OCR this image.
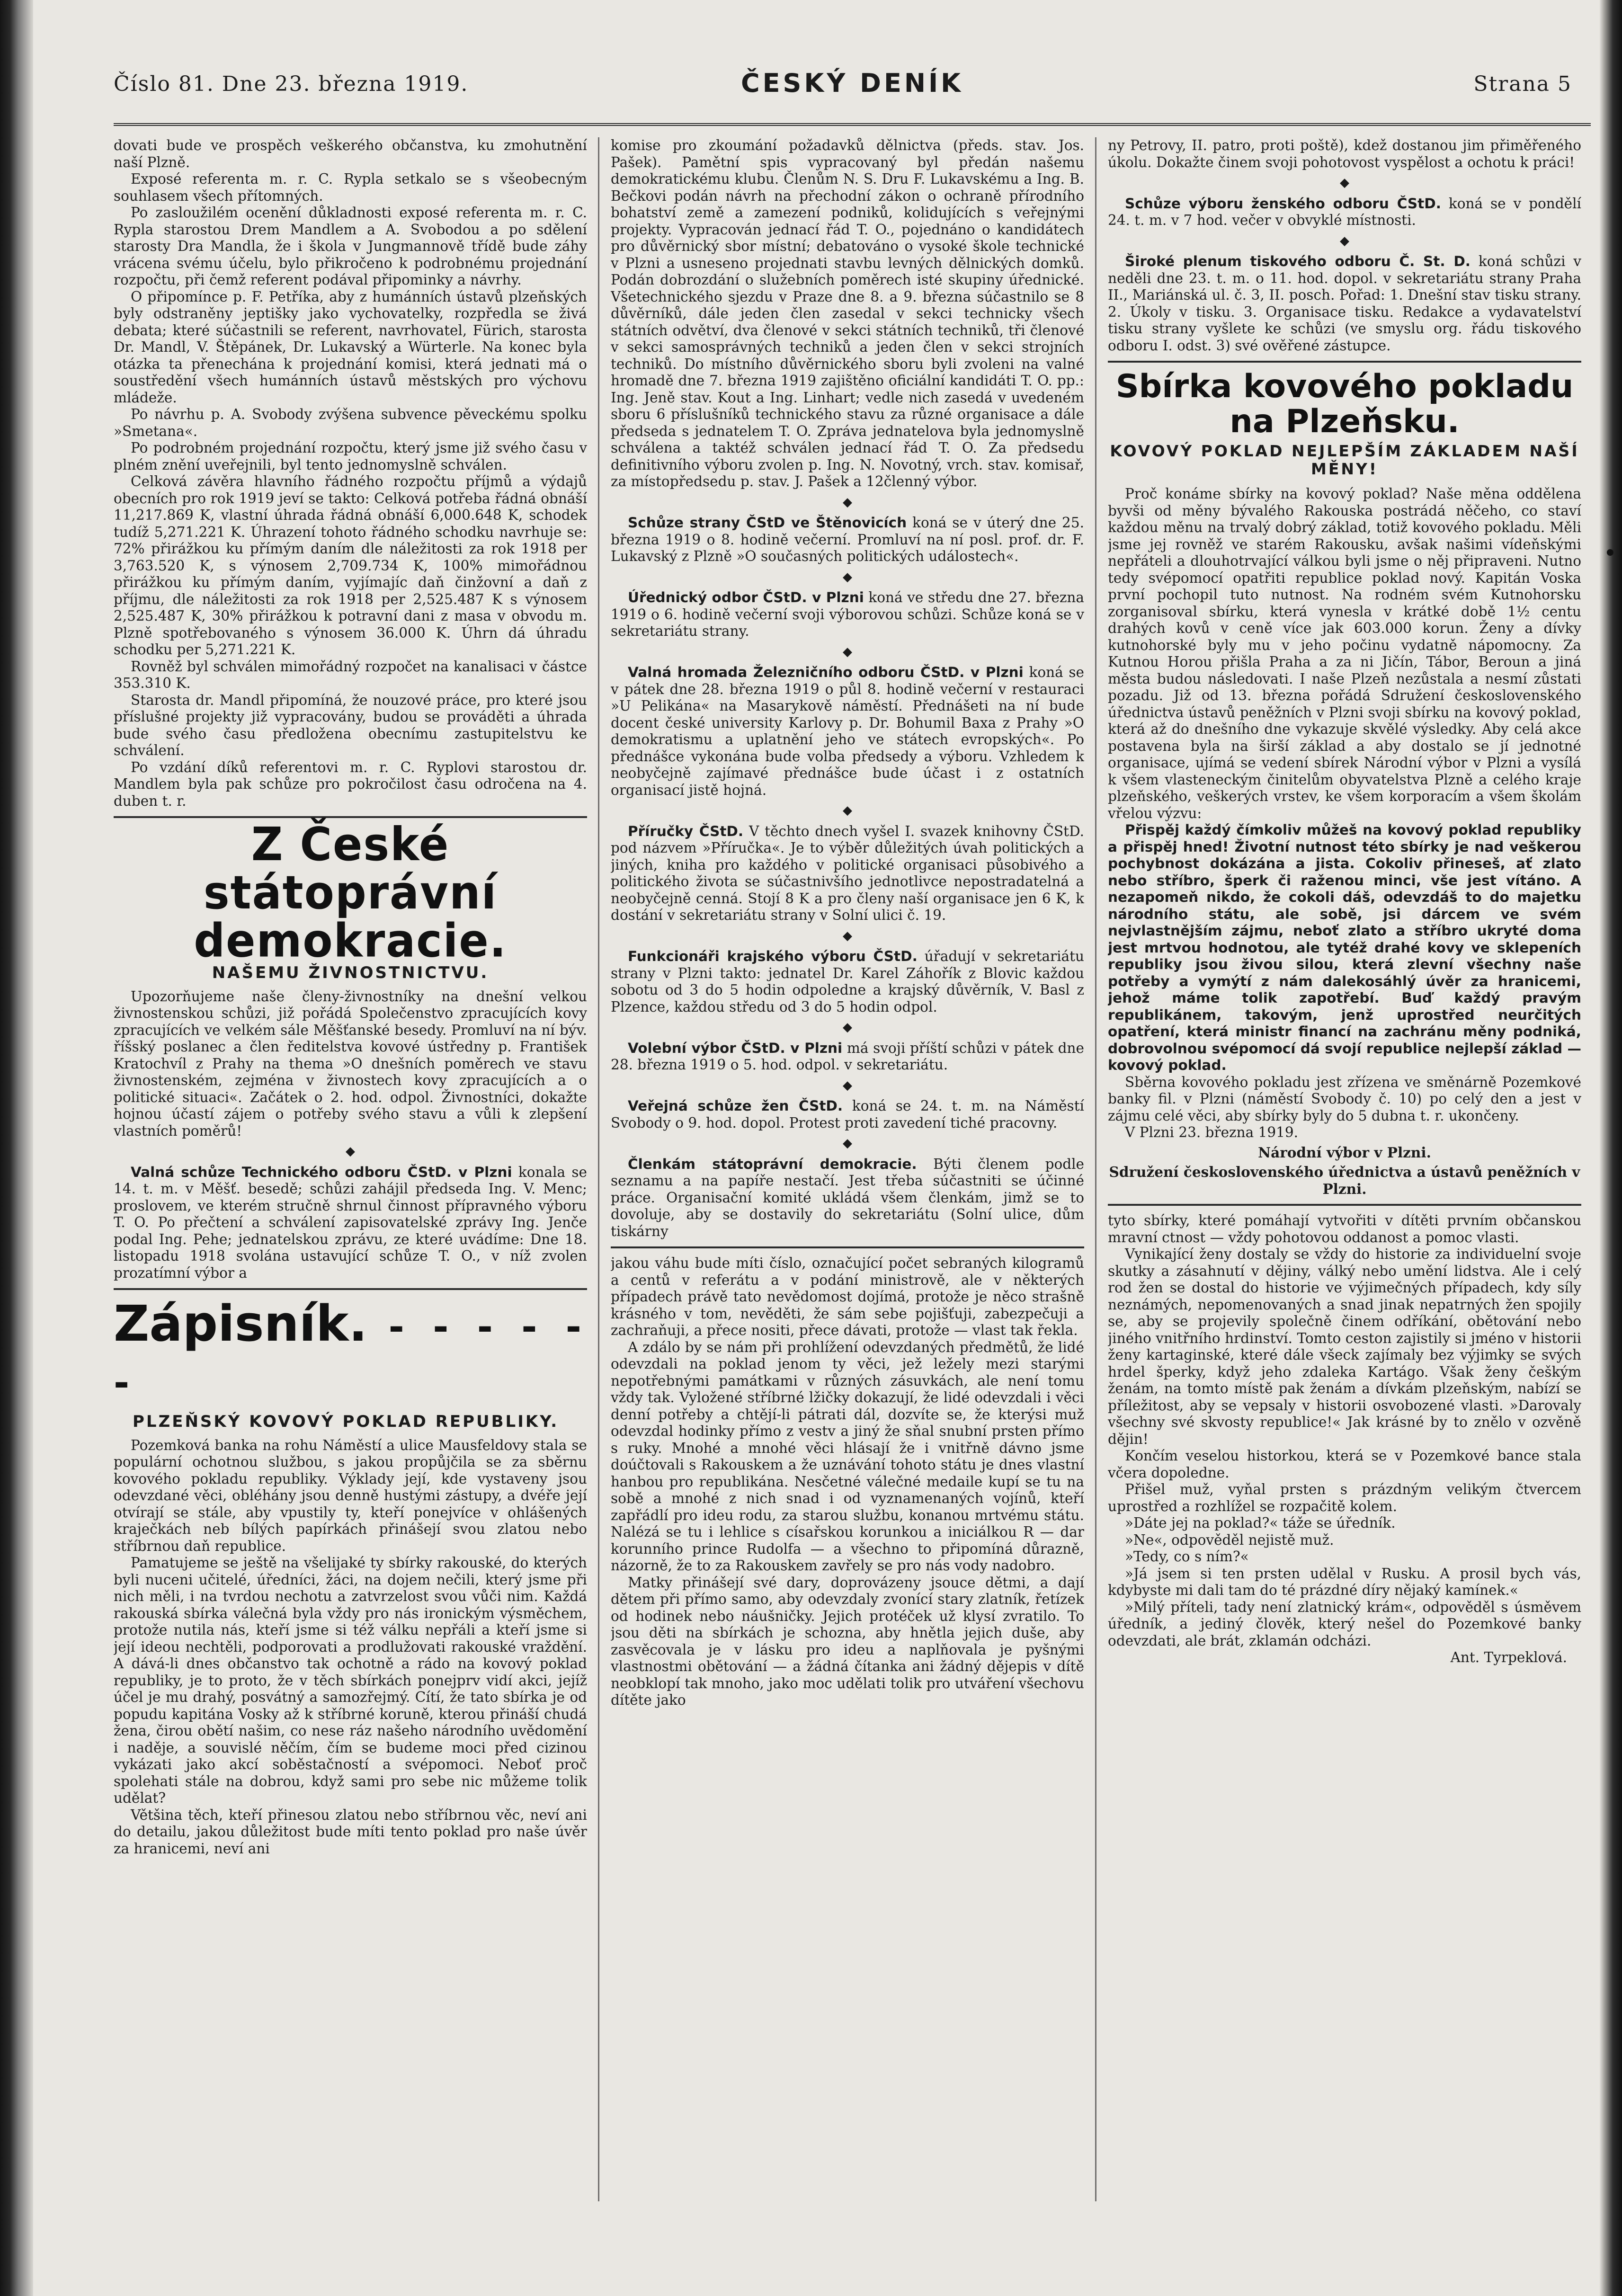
Číslo 81. Dne 23. března 1919.	ČESKÝ DENÍK	Strana 5

dovati bude ve prospěch veškerého občanstva, ku zmohutnění naší Plzně.

Exposé referenta m. r. C. Rypla setkalo se s všeobecným souhlasem všech přítomných.

Po zasloužilém ocenění důkladnosti exposé referenta m. r. C. Rypla starostou Drem Mandlem a A. Svobodou a po sdělení starosty Dra Mandla, že i škola v Jungmannově třídě bude záhy vrácena svému účelu, bylo přikročeno k podrobnému projednání rozpočtu, při čemž referent podával připominky a návrhy.

O připomínce p. F. Petříka, aby z humánních ústavů plzeňských byly odstraněny jeptišky jako vychovatelky, rozpředla se živá debata; které súčastnili se referent, navrhovatel, Fürich, starosta Dr. Mandl, V. Štěpánek, Dr. Lukavský a Würterle. Na konec byla otázka ta přenechána k projednání komisi, která jednati má o soustředění všech humánních ústavů městských pro výchovu mládeže.

Po návrhu p. A. Svobody zvýšena subvence pěveckému spolku »Smetana«.

Po podrobném projednání rozpočtu, který jsme již svého času v plném znění uveřejnili, byl tento jednomyslně schválen.

Celková závěra hlavního řádného rozpočtu příjmů a výdajů obecních pro rok 1919 jeví se takto: Celková potřeba řádná obnáší 11,217.869 K, vlastní úhrada řádná obnáší 6,000.648 K, schodek tudíž 5,271.221 K. Úhrazení tohoto řádného schodku navrhuje se: 72% přirážkou ku přímým daním dle náležitosti za rok 1918 per 3,763.520 K, s výnosem 2,709.734 K, 100% mimořádnou přirážkou ku přímým daním, vyjímajíc daň činžovní a daň z příjmu, dle náležitosti za rok 1918 per 2,525.487 K s výnosem 2,525.487 K, 30% přirážkou k potravní dani z masa v obvodu m. Plzně spotřebovaného s výnosem 36.000 K. Úhrn dá úhradu schodku per 5,271.221 K.

Rovněž byl schválen mimořádný rozpočet na kanalisaci v částce 353.310 K.

Starosta dr. Mandl připomíná, že nouzové práce, pro které jsou příslušné projekty již vypracovány, budou se prováděti a úhrada bude svého času předložena obecnímu zastupitelstvu ke schválení.

Po vzdání díků referentovi m. r. C. Ryplovi starostou dr. Mandlem byla pak schůze pro pokročilost času odročena na 4. duben t. r.

Z České státoprávní demokracie.
NAŠEMU ŽIVNOSTNICTVU.

Upozorňujeme naše členy-živnostníky na dnešní velkou živnostenskou schůzi, již pořádá Společenstvo zpracujících kovy zpracujících ve velkém sále Měšťanské besedy. Promluví na ní býv. říšský poslanec a člen ředitelstva kovové ústředny p. František Kratochvíl z Prahy na thema »O dnešních poměrech ve stavu živnostenském, zejména v živnostech kovy zpracujících a o politické situaci«. Začátek o 2. hod. odpol. Živnostníci, dokažte hojnou účastí zájem o potřeby svého stavu a vůli k zlepšení vlastních poměrů!

◆

Valná schůze Technického odboru ČStD. v Plzni konala se 14. t. m. v Měšť. besedě; schůzi zahájil předseda Ing. V. Menc; proslovem, ve kterém stručně shrnul činnost přípravného výboru T. O. Po přečtení a schválení zapisovatelské zprávy Ing. Jenče podal Ing. Pehe; jednatelskou zprávu, ze které uvádíme: Dne 18. listopadu 1918 svolána ustavující schůze T. O., v níž zvolen prozatímní výbor a

Zápisník. - - - - - -
PLZEŇSKÝ KOVOVÝ POKLAD REPUBLIKY.

Pozemková banka na rohu Náměstí a ulice Mausfeldovy stala se populární ochotnou službou, s jakou propůjčila se za sběrnu kovového pokladu republiky. Výklady její, kde vystaveny jsou odevzdané věci, obléhány jsou denně hustými zástupy, a dvéře její otvírají se stále, aby vpustily ty, kteří ponejvíce v ohlášených kraječkách neb bílých papírkách přinášejí svou zlatou nebo stříbrnou daň republice.

Pamatujeme se ještě na všelijaké ty sbírky rakouské, do kterých byli nuceni učitelé, úředníci, žáci, na dojem nečili, který jsme při nich měli, i na tvrdou nechotu a zatvrzelost svou vůči nim. Každá rakouská sbírka válečná byla vždy pro nás ironickým výsměchem, protože nutila nás, kteří jsme si též válku nepřáli a kteří jsme si její ideou nechtěli, podporovati a prodlužovati rakouské vraždění. A dává-li dnes občanstvo tak ochotně a rádo na kovový poklad republiky, je to proto, že v těch sbírkách ponejprv vidí akci, jejíž účel je mu drahý, posvátný a samozřejmý. Cítí, že tato sbírka je od popudu kapitána Vosky až k stříbrné koruně, kterou přináší chudá žena, čirou obětí našim, co nese ráz našeho národního uvědomění i naděje, a souvislé něčím, čím se budeme moci před cizinou vykázati jako akcí soběstačností a svépomoci. Neboť proč spolehati stále na dobrou, když sami pro sebe nic můžeme tolik udělat?

Většina těch, kteří přinesou zlatou nebo stříbrnou věc, neví ani do detailu, jakou důležitost bude míti tento poklad pro naše úvěr za hranicemi, neví ani

komise pro zkoumání požadavků dělnictva (předs. stav. Jos. Pašek). Pamětní spis vypracovaný byl předán našemu demokratickému klubu. Členům N. S. Dru F. Lukavskému a Ing. B. Bečkovi podán návrh na přechodní zákon o ochraně přírodního bohatství země a zamezení podniků, kolidujících s veřejnými projekty. Vypracován jednací řád T. O., pojednáno o kandidátech pro důvěrnický sbor místní; debatováno o vysoké škole technické v Plzni a usneseno projednati stavbu levných dělnických domků. Podán dobrozdání o služebních poměrech isté skupiny úřednické. Všetechnického sjezdu v Praze dne 8. a 9. března súčastnilo se 8 důvěrníků, dále jeden člen zasedal v sekci technicky všech státních odvětví, dva členové v sekci státních techniků, tři členové v sekci samosprávných techniků a jeden člen v sekci strojních techniků. Do místního důvěrnického sboru byli zvoleni na valné hromadě dne 7. března 1919 zajištěno oficiální kandidáti T. O. pp.: Ing. Jeně stav. Kout a Ing. Linhart; vedle nich zasedá v uvedeném sboru 6 příslušníků technického stavu za různé organisace a dále předseda s jednatelem T. O. Zpráva jednatelova byla jednomyslně schválena a taktéž schválen jednací řád T. O. Za předsedu definitivního výboru zvolen p. Ing. N. Novotný, vrch. stav. komisař, za místopředsedu p. stav. J. Pašek a 12členný výbor.

◆

Schůze strany ČStD ve Štěnovicích koná se v úterý dne 25. března 1919 o 8. hodině večerní. Promluví na ní posl. prof. dr. F. Lukavský z Plzně »O současných politických událostech«.

◆

Úřednický odbor ČStD. v Plzni koná ve středu dne 27. března 1919 o 6. hodině večerní svoji výborovou schůzi. Schůze koná se v sekretariátu strany.

◆

Valná hromada Železničního odboru ČStD. v Plzni koná se v pátek dne 28. března 1919 o půl 8. hodině večerní v restauraci »U Pelikána« na Masarykově náměstí. Přednášeti na ní bude docent české university Karlovy p. Dr. Bohumil Baxa z Prahy »O demokratismu a uplatnění jeho ve státech evropských«. Po přednášce vykonána bude volba předsedy a výboru. Vzhledem k neobyčejně zajímavé přednášce bude účast i z ostatních organisací jistě hojná.

◆

Příručky ČStD. V těchto dnech vyšel I. svazek knihovny ČStD. pod názvem »Příručka«. Je to výběr důležitých úvah politických a jiných, kniha pro každého v politické organisaci působivého a politického života se súčastnivšího jednotlivce nepostradatelná a neobyčejně cenná. Stojí 8 K a pro členy naší organisace jen 6 K, k dostání v sekretariátu strany v Solní ulici č. 19.

◆

Funkcionáři krajského výboru ČStD. úřadují v sekretariátu strany v Plzni takto: jednatel Dr. Karel Záhořík z Blovic každou sobotu od 3 do 5 hodin odpoledne a krajský důvěrník, V. Basl z Plzence, každou středu od 3 do 5 hodin odpol.

◆

Volební výbor ČStD. v Plzni má svoji příští schůzi v pátek dne 28. března 1919 o 5. hod. odpol. v sekretariátu.

◆

Veřejná schůze žen ČStD. koná se 24. t. m. na Náměstí Svobody o 9. hod. dopol. Protest proti zavedení tiché pracovny.

◆

Členkám státoprávní demokracie. Býti členem podle seznamu a na papíře nestačí. Jest třeba súčastniti se účinné práce. Organisační komité ukládá všem členkám, jimž se to dovoluje, aby se dostavily do sekretariátu (Solní ulice, dům tiskárny

jakou váhu bude míti číslo, označující počet sebraných kilogramů a centů v referátu a v podání ministrově, ale v některých případech právě tato nevědomost dojímá, protože je něco strašně krásného v tom, nevěděti, že sám sebe pojišťuji, zabezpečuji a zachraňuji, a přece nositi, přece dávati, protože — vlast tak řekla.

A zdálo by se nám při prohlížení odevzdaných předmětů, že lidé odevzdali na poklad jenom ty věci, jež ležely mezi starými nepotřebnými památkami v různých zásuvkách, ale není tomu vždy tak. Vyložené stříbrné lžičky dokazují, že lidé odevzdali i věci denní potřeby a chtějí-li pátrati dál, dozvíte se, že kterýsi muž odevzdal hodinky přímo z vestv a jiný že sňal snubní prsten přímo s ruky. Mnohé a mnohé věci hlásají že i vnitřně dávno jsme doúčtovali s Rakouskem a že uznávání tohoto státu je dnes vlastní hanbou pro republikána. Nesčetné válečné medaile kupí se tu na sobě a mnohé z nich snad i od vyznamenaných vojínů, kteří zapřádlí pro ideu rodu, za starou službu, konanou mrtvému státu. Nalézá se tu i lehlice s císařskou korunkou a iniciálkou R — dar korunního prince Rudolfa — a všechno to připomíná důrazně, názorně, že to za Rakouskem zavřely se pro nás vody nadobro.

Matky přinášejí své dary, doprovázeny jsouce dětmi, a dají dětem při přímo samo, aby odevzdaly zvonící stary zlatník, řetízek od hodinek nebo náušničky. Jejich protéček už klysí zvratilo. To jsou děti na sbírkách je schozna, aby hnětla jejich duše, aby zasvěcovala je v lásku pro ideu a naplňovala je pyšnými vlastnostmi obětování — a žádná čítanka ani žádný dějepis v dítě neobklopí tak mnoho, jako moc udělati tolik pro utváření všechovu dítěte jako

ny Petrovy, II. patro, proti poště), kdež dostanou jim přiměřeného úkolu. Dokažte činem svoji pohotovost vyspělost a ochotu k práci!

◆

Schůze výboru ženského odboru ČStD. koná se v pondělí 24. t. m. v 7 hod. večer v obvyklé místnosti.

◆

Široké plenum tiskového odboru Č. St. D. koná schůzi v neděli dne 23. t. m. o 11. hod. dopol. v sekretariátu strany Praha II., Mariánská ul. č. 3, II. posch. Pořad: 1. Dnešní stav tisku strany. 2. Úkoly v tisku. 3. Organisace tisku. Redakce a vydavatelství tisku strany vyšlete ke schůzi (ve smyslu org. řádu tiskového odboru I. odst. 3) své ověřené zástupce.

Sbírka kovového pokladu na Plzeňsku.
KOVOVÝ POKLAD NEJLEPŠÍM ZÁKLADEM NAŠÍ MĚNY!

Proč konáme sbírky na kovový poklad? Naše měna oddělena byvši od měny bývalého Rakouska postrádá něčeho, co staví každou měnu na trvalý dobrý základ, totiž kovového pokladu. Měli jsme jej rovněž ve starém Rakousku, avšak našimi vídeňskými nepřáteli a dlouhotrvající válkou byli jsme o něj připraveni. Nutno tedy svépomocí opatřiti republice poklad nový. Kapitán Voska první pochopil tuto nutnost. Na rodném svém Kutnohorsku zorganisoval sbírku, která vynesla v krátké době 1½ centu drahých kovů v ceně více jak 603.000 korun. Ženy a dívky kutnohorské byly mu v jeho počinu vydatně nápomocny. Za Kutnou Horou přišla Praha a za ni Jičín, Tábor, Beroun a jiná města budou následovati. I naše Plzeň nezůstala a nesmí zůstati pozadu. Již od 13. března pořádá Sdružení československého úřednictva ústavů peněžních v Plzni svoji sbírku na kovový poklad, která až do dnešního dne vykazuje skvělé výsledky. Aby celá akce postavena byla na širší základ a aby dostalo se jí jednotné organisace, ujímá se vedení sbírek Národní výbor v Plzni a vysílá k všem vlasteneckým činitelům obyvatelstva Plzně a celého kraje plzeňského, veškerých vrstev, ke všem korporacím a všem školám vřelou výzvu:

Přispěj každý čímkoliv můžeš na kovový poklad republiky a přispěj hned! Životní nutnost této sbírky je nad veškerou pochybnost dokázána a jista. Cokoliv přineseš, ať zlato nebo stříbro, šperk či raženou minci, vše jest vítáno. A nezapomeň nikdo, že cokoli dáš, odevzdáš to do majetku národního státu, ale sobě, jsi dárcem ve svém nejvlastnějším zájmu, neboť zlato a stříbro ukryté doma jest mrtvou hodnotou, ale tytéž drahé kovy ve sklepeních republiky jsou živou silou, která zlevní všechny naše potřeby a vymýtí z nám dalekosáhlý úvěr za hranicemi, jehož máme tolik zapotřebí. Buď každý pravým republikánem, takovým, jenž uprostřed neurčitých opatření, která ministr financí na zachránu měny podniká, dobrovolnou svépomocí dá svojí republice nejlepší základ — kovový poklad.

Sběrna kovového pokladu jest zřízena ve směnárně Pozemkové banky fil. v Plzni (náměstí Svobody č. 10) po celý den a jest v zájmu celé věci, aby sbírky byly do 5 dubna t. r. ukončeny.

V Plzni 23. března 1919.

Národní výbor v Plzni.
Sdružení československého úřednictva a ústavů peněžních v Plzni.

tyto sbírky, které pomáhají vytvořiti v dítěti prvním občanskou mravní ctnost — vždy pohotovou oddanost a pomoc vlasti.

Vynikající ženy dostaly se vždy do historie za individuelní svoje skutky a zásahnutí v dějiny, válký nebo umění lidstva. Ale i celý rod žen se dostal do historie ve výjimečných případech, kdy síly neznámých, nepomenovaných a snad jinak nepatrných žen spojily se, aby se projevily společně činem odříkání, obětování nebo jiného vnitřního hrdinství. Tomto ceston zajistily si jméno v historii ženy kartaginské, které dále všeck zajímaly bez výjimky se svých hrdel šperky, když jeho zdaleka Kartágo. Však ženy češkým ženám, na tomto místě pak ženám a dívkám plzeňským, nabízí se příležitost, aby se vepsaly v historii osvobozené vlasti. »Darovaly všechny své skvosty republice!« Jak krásné by to znělo v ozvěně dějin!

Končím veselou historkou, která se v Pozemkové bance stala včera dopoledne.

Přišel muž, vyňal prsten s prázdným velikým čtvercem uprostřed a rozhlížel se rozpačitě kolem.

»Dáte jej na poklad?« táže se úředník.

»Ne«, odpověděl nejistě muž.

»Tedy, co s ním?«

»Já jsem si ten prsten udělal v Rusku. A prosil bych vás, kdybyste mi dali tam do té prázdné díry nějaký kamínek.«

»Milý příteli, tady není zlatnický krám«, odpověděl s úsměvem úředník, a jediný člověk, který nešel do Pozemkové banky odevzdati, ale brát, zklamán odcházi.

Ant. Tyrpeklová.
